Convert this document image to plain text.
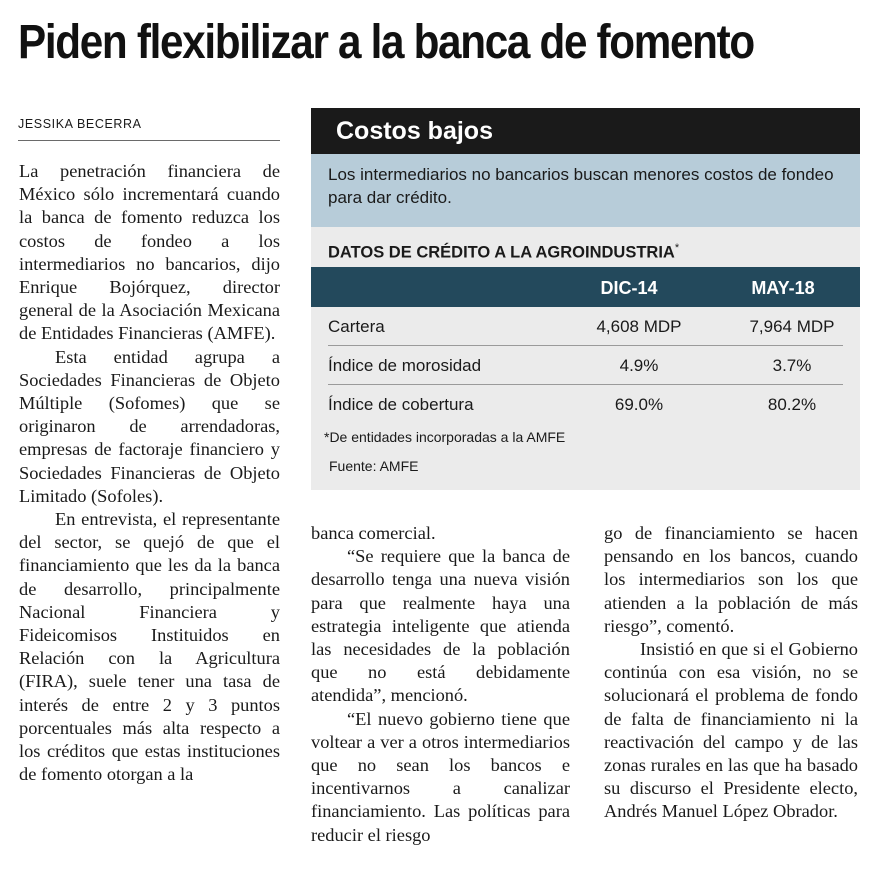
Piden flexibilizar a la banca de fomento
JESSIKA BECERRA

La penetración financiera de México sólo incrementará cuando la banca de fomento reduzca los costos de fondeo a los intermediarios no bancarios, dijo Enrique Bojórquez, director general de la Asociación Mexicana de Entidades Financieras (AMFE).

Esta entidad agrupa a Sociedades Financieras de Objeto Múltiple (Sofomes) que se originaron de arrendadoras, empresas de factoraje financiero y Sociedades Financieras de Objeto Limitado (Sofoles).

En entrevista, el representante del sector, se quejó de que el financiamiento que les da la banca de desarrollo, principalmente Nacional Financiera y Fideicomisos Instituidos en Relación con la Agricultura (FIRA), suele tener una tasa de interés de entre 2 y 3 puntos porcentuales más alta respecto a los créditos que estas instituciones de fomento otorgan a la

banca comercial.

“Se requiere que la banca de desarrollo tenga una nueva visión para que realmente haya una estrategia inteligente que atienda las necesidades de la población que no está debidamente atendida”, mencionó.

“El nuevo gobierno tiene que voltear a ver a otros intermediarios que no sean los bancos e incentivarnos a canalizar financiamiento. Las políticas para reducir el riesgo

go de financiamiento se hacen pensando en los bancos, cuando los intermediarios son los que atienden a la población de más riesgo”, comentó.

Insistió en que si el Gobierno continúa con esa visión, no se solucionará el problema de fondo de falta de financiamiento ni la reactivación del campo y de las zonas rurales en las que ha basado su discurso el Presidente electo, Andrés Manuel López Obrador.

Costos bajos
Los intermediarios no bancarios buscan menores costos de fondeo para dar crédito.
DATOS DE CRÉDITO A LA AGROINDUSTRIA*
DIC-14	MAY-18
Cartera	4,608 MDP	7,964 MDP
Índice de morosidad	4.9%	3.7%
Índice de cobertura	69.0%	80.2%
*De entidades incorporadas a la AMFE
Fuente: AMFE
